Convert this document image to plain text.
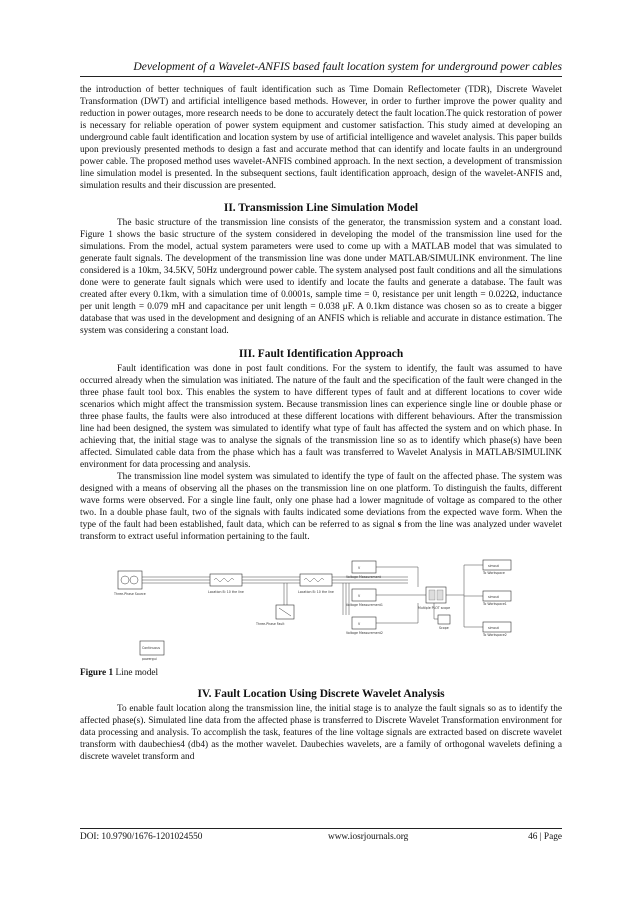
Development of a Wavelet-ANFIS based fault location system for underground power cables

the introduction of better techniques of fault identification such as Time Domain Reflectometer (TDR), Discrete Wavelet Transformation (DWT) and artificial intelligence based methods. However, in order to further improve the power quality and reduction in power outages, more research needs to be done to accurately detect the fault location.The quick restoration of power is necessary for reliable operation of power system equipment and customer satisfaction. This study aimed at developing an underground cable fault identification and location system by use of artificial intelligence and wavelet analysis. This paper builds upon previously presented methods to design a fast and accurate method that can identify and locate faults in an underground power cable. The proposed method uses wavelet-ANFIS combined approach. In the next section, a development of transmission line simulation model is presented. In the subsequent sections, fault identification approach, design of the wavelet-ANFIS and, simulation results and their discussion are presented.

II. Transmission Line Simulation Model

The basic structure of the transmission line consists of the generator, the transmission system and a constant load. Figure 1 shows the basic structure of the system considered in developing the model of the transmission line used for the simulations. From the model, actual system parameters were used to come up with a MATLAB model that was simulated to generate fault signals. The development of the transmission line was done under MATLAB/SIMULINK environment. The line considered is a 10km, 34.5KV, 50Hz underground power cable. The system analysed post fault conditions and all the simulations done were to generate fault signals which were used to identify and locate the faults and generate a database. The fault was created after every 0.1km, with a simulation time of 0.0001s, sample time = 0, resistance per unit length = 0.022Ω, inductance per unit length = 0.079 mH and capacitance per unit length = 0.038 μF. A 0.1km distance was chosen so as to create a bigger database that was used in the development and designing of an ANFIS which is reliable and accurate in distance estimation. The system was considering a constant load.

III. Fault Identification Approach

Fault identification was done in post fault conditions. For the system to identify, the fault was assumed to have occurred already when the simulation was initiated. The nature of the fault and the specification of the fault were changed in the three phase fault tool box. This enables the system to have different types of fault and at different locations to cover wide scenarios which might affect the transmission system. Because transmission lines can experience single line or double phase or three phase faults, the faults were also introduced at these different locations with different behaviours. After the transmission line had been designed, the system was simulated to identify what type of fault has affected the system and on which phase. In achieving that, the initial stage was to analyse the signals of the transmission line so as to identify which phase(s) have been affected. Simulated cable data from the phase which has a fault was transferred to Wavelet Analysis in MATLAB/SIMULINK environment for data processing and analysis.

The transmission line model system was simulated to identify the type of fault on the affected phase. The system was designed with a means of observing all the phases on the transmission line on one platform. To distinguish the faults, different wave forms were observed. For a single line fault, only one phase had a lower magnitude of voltage as compared to the other two. In a double phase fault, two of the signals with faults indicated some deviations from the expected wave form. When the type of the fault had been established, fault data, which can be referred to as signal s from the line was analyzed under wavelet transform to extract useful information pertaining to the fault.

Three-Phase Source	Location B: 10 the line	Location B: 10 the line
Three-Phase Fault
V
Voltage Measurement
V
Voltage Measurement1
V
Voltage Measurement2
Multiple PLOT scope
Scope
simout
To Workspace
simout
To Workspace1
simout
To Workspace2
Continuous
powergui

Figure 1 Line model

IV. Fault Location Using Discrete Wavelet Analysis

To enable fault location along the transmission line, the initial stage is to analyze the fault signals so as to identify the affected phase(s). Simulated line data from the affected phase is transferred to Discrete Wavelet Transformation environment for data processing and analysis. To accomplish the task, features of the line voltage signals are extracted based on discrete wavelet transform with daubechies4 (db4) as the mother wavelet. Daubechies wavelets, are a family of orthogonal wavelets defining a discrete wavelet transform and

DOI: 10.9790/1676-1201024550	www.iosrjournals.org	46 | Page
